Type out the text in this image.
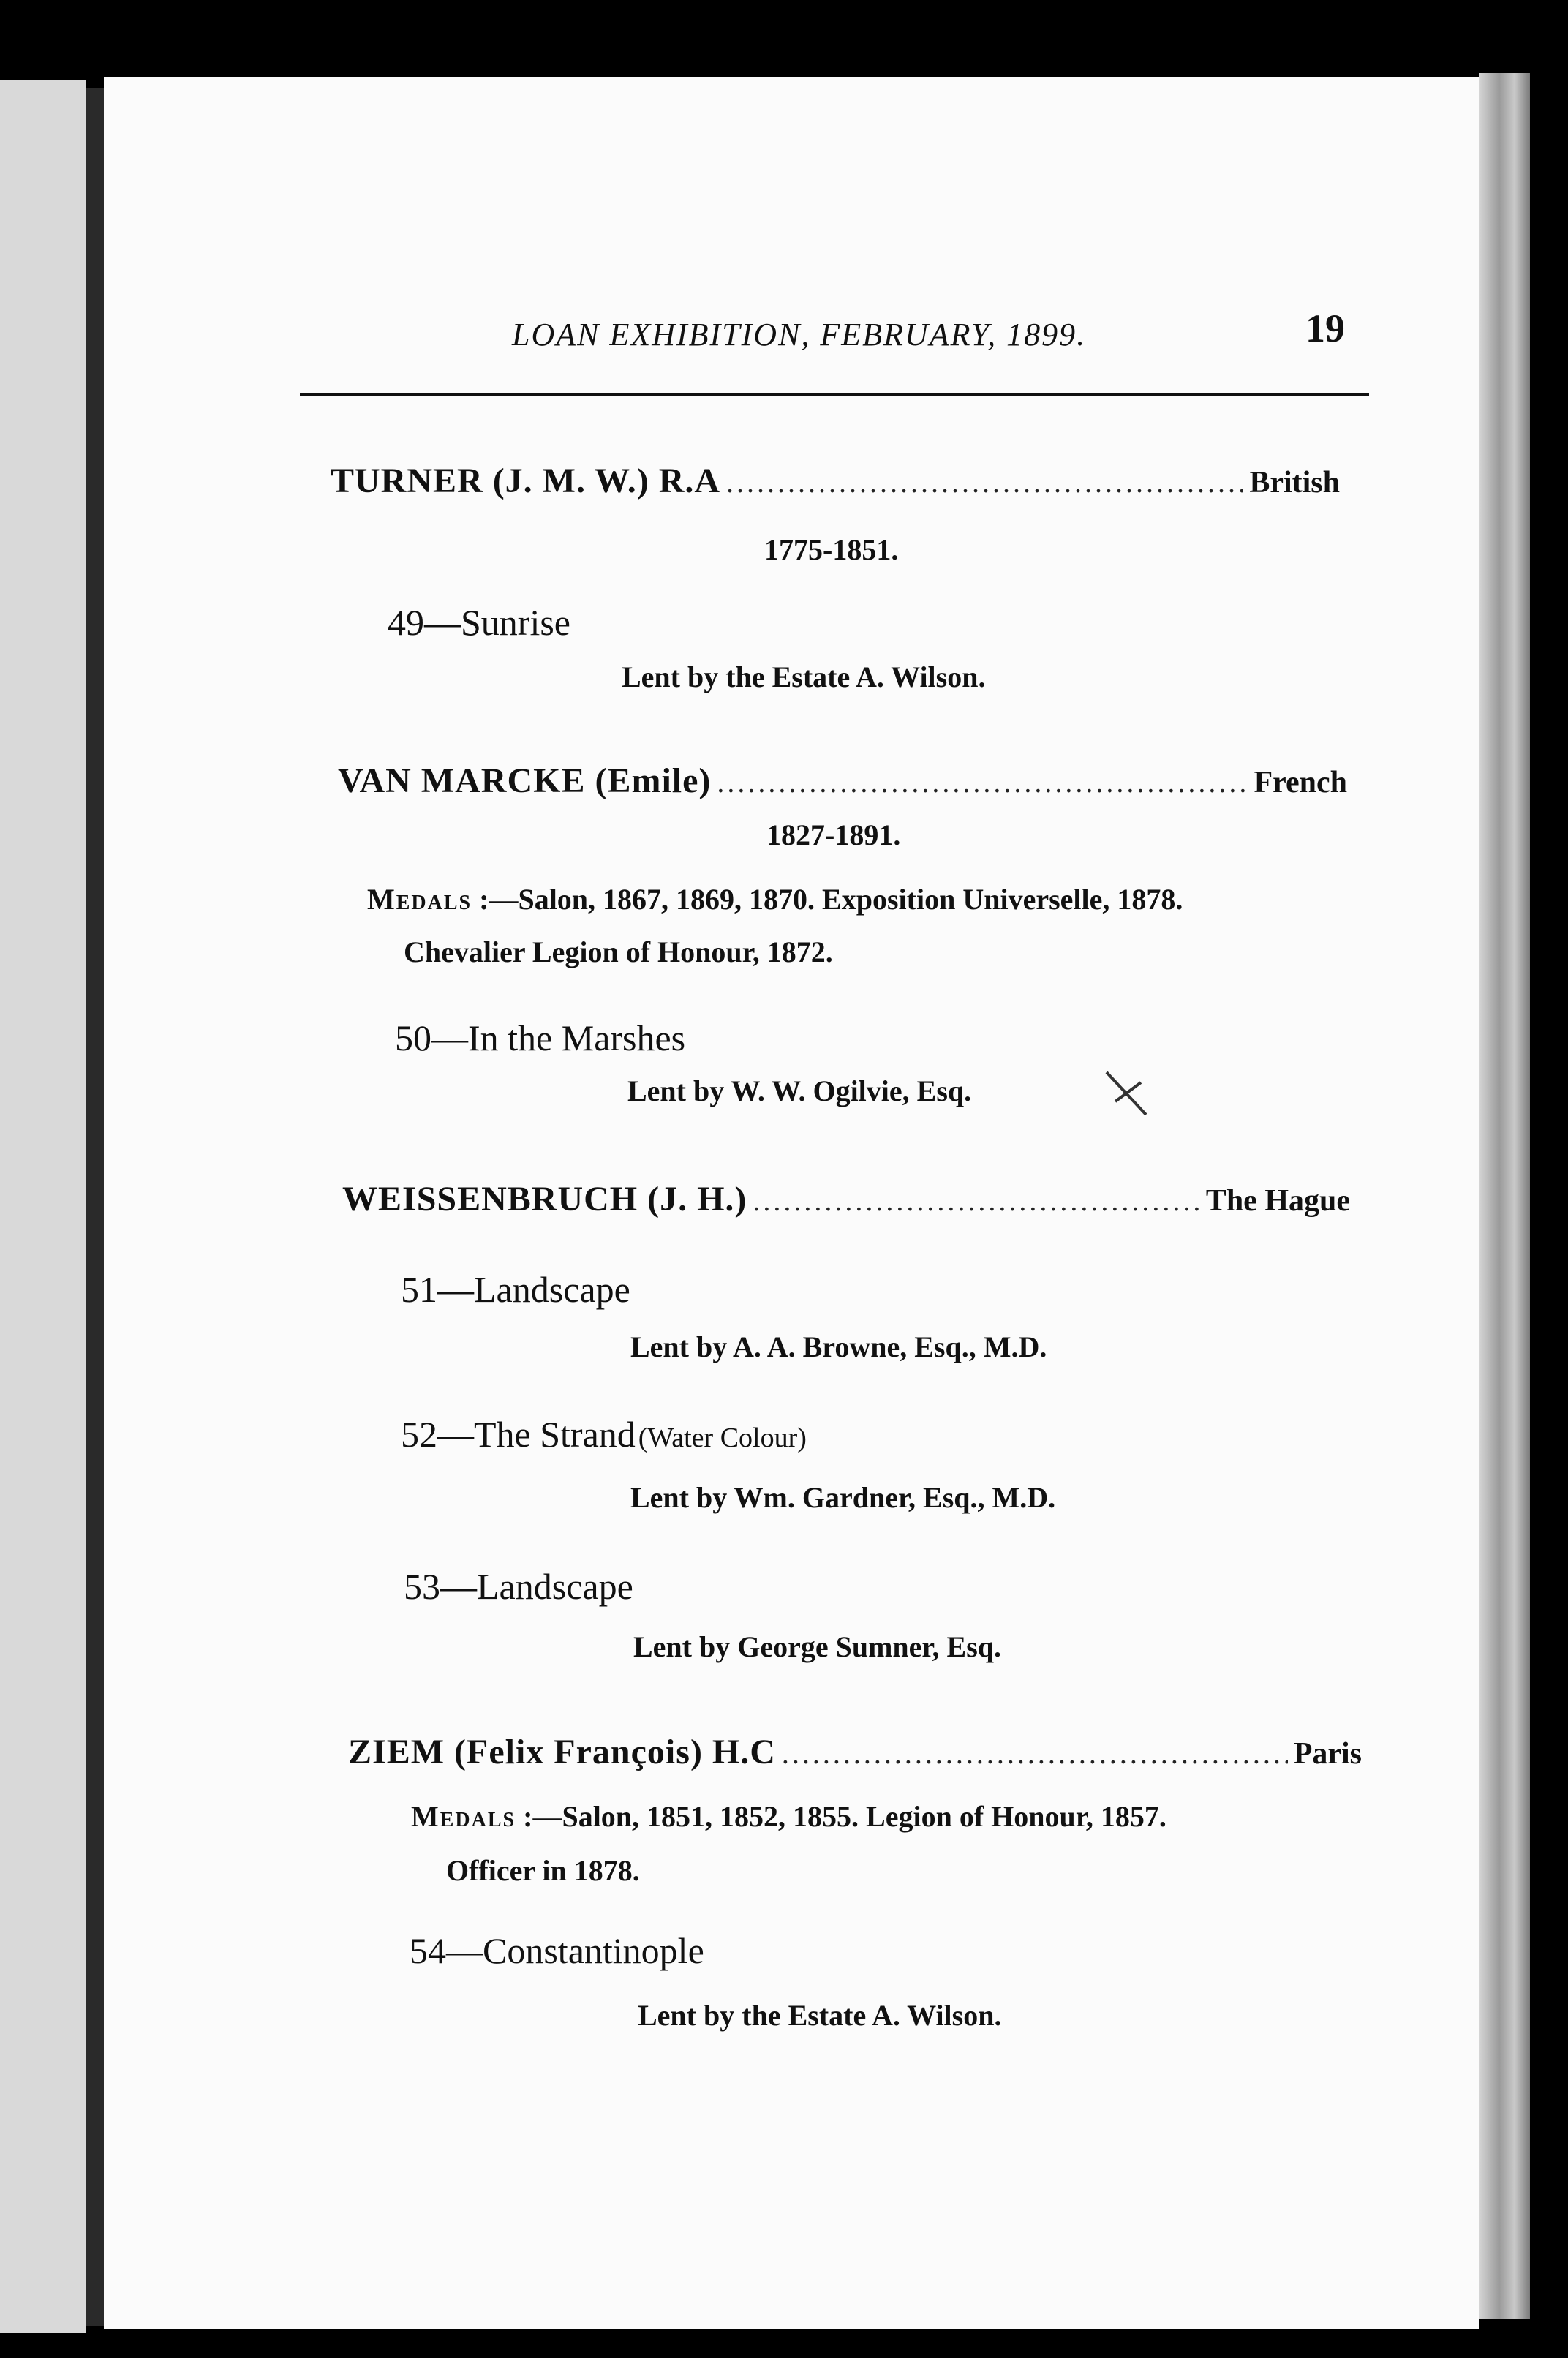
LOAN EXHIBITION, FEBRUARY, 1899.	19
TURNER (J. M. W.) R.A .....	British
1775-1851.
49—Sunrise
Lent by the Estate A. Wilson.
VAN MARCKE (Emile) .....	French
1827-1891.
Medals :—Salon, 1867, 1869, 1870. Exposition Universelle, 1878.
Chevalier Legion of Honour, 1872.
50—In the Marshes
Lent by W. W. Ogilvie, Esq.
WEISSENBRUCH (J. H.) .....	The Hague
51—Landscape
Lent by A. A. Browne, Esq., M.D.
52—The Strand (Water Colour)
Lent by Wm. Gardner, Esq., M.D.
53—Landscape
Lent by George Sumner, Esq.
ZIEM (Felix François) H.C .....	Paris
Medals :—Salon, 1851, 1852, 1855. Legion of Honour, 1857.
Officer in 1878.
54—Constantinople
Lent by the Estate A. Wilson.
